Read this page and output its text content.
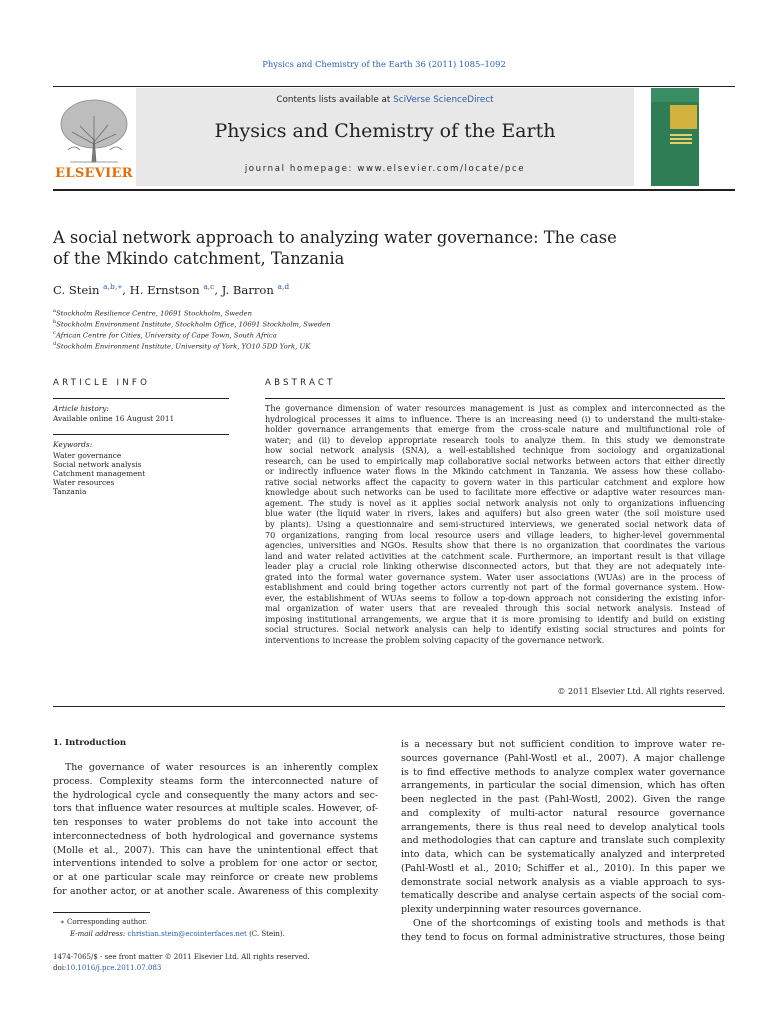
Physics and Chemistry of the Earth 36 (2011) 1085–1092
ELSEVIER
Contents lists available at SciVerse ScienceDirect
Physics and Chemistry of the Earth
journal homepage: www.elsevier.com/locate/pce
A social network approach to analyzing water governance: The case
of the Mkindo catchment, Tanzania
C. Stein $^{a,b,∗}$, H. Ernstson $^{a,c}$, J. Barron $^{a,d}$
$^a$Stockholm Resilience Centre, 10691 Stockholm, Sweden
$^b$Stockholm Environment Institute, Stockholm Office, 10691 Stockholm, Sweden
$^c$African Centre for Cities, University of Cape Town, South Africa
$^d$Stockholm Environment Institute, University of York, YO10 5DD York, UK
ARTICLE INFO
Article history:
Available online 16 August 2011
Keywords:
Water governance
Social network analysis
Catchment management
Water resources
Tanzania
ABSTRACT

The governance dimension of water resources management is just as complex and interconnected as the

hydrological processes it aims to influence. There is an increasing need (i) to understand the multi-stake-

holder governance arrangements that emerge from the cross-scale nature and multifunctional role of

water; and (ii) to develop appropriate research tools to analyze them. In this study we demonstrate

how social network analysis (SNA), a well-established technique from sociology and organizational

research, can be used to empirically map collaborative social networks between actors that either directly

or indirectly influence water flows in the Mkindo catchment in Tanzania. We assess how these collabo-

rative social networks affect the capacity to govern water in this particular catchment and explore how

knowledge about such networks can be used to facilitate more effective or adaptive water resources man-

agement. The study is novel as it applies social network analysis not only to organizations influencing

blue water (the liquid water in rivers, lakes and aquifers) but also green water (the soil moisture used

by plants). Using a questionnaire and semi-structured interviews, we generated social network data of

70 organizations, ranging from local resource users and village leaders, to higher-level governmental

agencies, universities and NGOs. Results show that there is no organization that coordinates the various

land and water related activities at the catchment scale. Furthermore, an important result is that village

leader play a crucial role linking otherwise disconnected actors, but that they are not adequately inte-

grated into the formal water governance system. Water user associations (WUAs) are in the process of

establishment and could bring together actors currently not part of the formal governance system. How-

ever, the establishment of WUAs seems to follow a top-down approach not considering the existing infor-

mal organization of water users that are revealed through this social network analysis. Instead of

imposing institutional arrangements, we argue that it is more promising to identify and build on existing

social structures. Social network analysis can help to identify existing social structures and points for

interventions to increase the problem solving capacity of the governance network.

© 2011 Elsevier Ltd. All rights reserved.
1. Introduction

The governance of water resources is an inherently complex

process. Complexity steams form the interconnected nature of

the hydrological cycle and consequently the many actors and sec-

tors that influence water resources at multiple scales. However, of-

ten responses to water problems do not take into account the

interconnectedness of both hydrological and governance systems

(Molle et al., 2007). This can have the unintentional effect that

interventions intended to solve a problem for one actor or sector,

or at one particular scale may reinforce or create new problems

for another actor, or at another scale. Awareness of this complexity

is a necessary but not sufficient condition to improve water re-

sources governance (Pahl-Wostl et al., 2007). A major challenge

is to find effective methods to analyze complex water governance

arrangements, in particular the social dimension, which has often

been neglected in the past (Pahl-Wostl, 2002). Given the range

and complexity of multi-actor natural resource governance

arrangements, there is thus real need to develop analytical tools

and methodologies that can capture and translate such complexity

into data, which can be systematically analyzed and interpreted

(Pahl-Wostl et al., 2010; Schiffer et al., 2010). In this paper we

demonstrate social network analysis as a viable approach to sys-

tematically describe and analyse certain aspects of the social com-

plexity underpinning water resources governance.

One of the shortcomings of existing tools and methods is that

they tend to focus on formal administrative structures, those being

∗ Corresponding author.
E-mail address: christian.stein@ecointerfaces.net (C. Stein).
1474-7065/$ - see front matter © 2011 Elsevier Ltd. All rights reserved.
doi:10.1016/j.pce.2011.07.083
